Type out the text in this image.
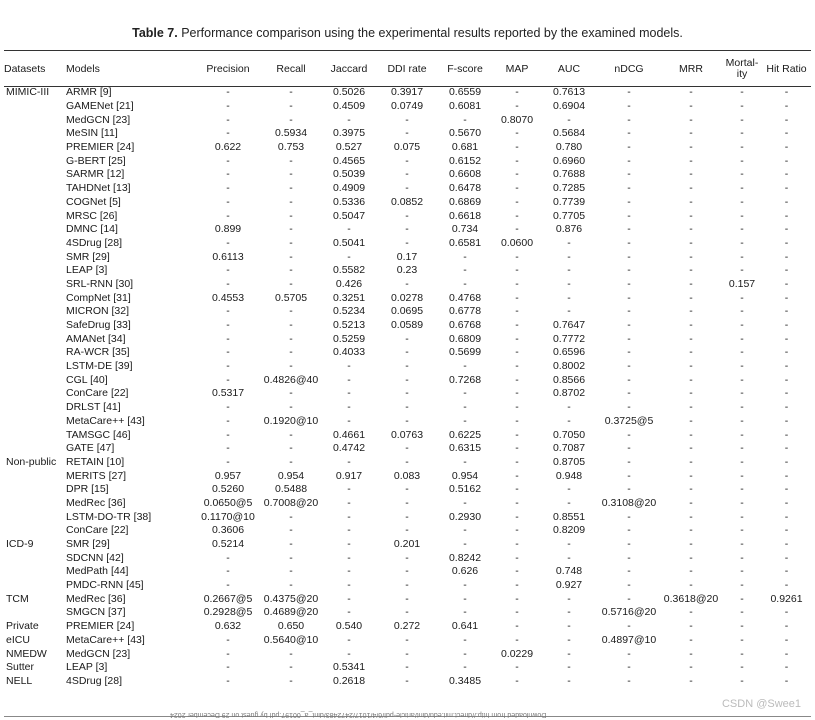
Table 7. Performance comparison using the experimental results reported by the examined models.
Datasets	Models	Precision	Recall	Jaccard	DDI rate	F-score	MAP	AUC	nDCG	MRR	Mortal-ity	Hit Ratio
MIMIC-III	ARMR [9]	-	-	0.5026	0.3917	0.6559	-	0.7613	-	-	-	-
	GAMENet [21]	-	-	0.4509	0.0749	0.6081	-	0.6904	-	-	-	-
	MedGCN [23]	-	-	-	-	-	0.8070	-	-	-	-	-
	MeSIN [11]	-	0.5934	0.3975	-	0.5670	-	0.5684	-	-	-	-
	PREMIER [24]	0.622	0.753	0.527	0.075	0.681	-	0.780	-	-	-	-
	G-BERT [25]	-	-	0.4565	-	0.6152	-	0.6960	-	-	-	-
	SARMR [12]	-	-	0.5039	-	0.6608	-	0.7688	-	-	-	-
	TAHDNet [13]	-	-	0.4909	-	0.6478	-	0.7285	-	-	-	-
	COGNet [5]	-	-	0.5336	0.0852	0.6869	-	0.7739	-	-	-	-
	MRSC [26]	-	-	0.5047	-	0.6618	-	0.7705	-	-	-	-
	DMNC [14]	0.899	-	-	-	0.734	-	0.876	-	-	-	-
	4SDrug [28]	-	-	0.5041	-	0.6581	0.0600	-	-	-	-	-
	SMR [29]	0.6113	-	-	0.17	-	-	-	-	-	-	-
	LEAP [3]	-	-	0.5582	0.23	-	-	-	-	-	-	-
	SRL-RNN [30]	-	-	0.426	-	-	-	-	-	-	0.157	-
	CompNet [31]	0.4553	0.5705	0.3251	0.0278	0.4768	-	-	-	-	-	-
	MICRON [32]	-	-	0.5234	0.0695	0.6778	-	-	-	-	-	-
	SafeDrug [33]	-	-	0.5213	0.0589	0.6768	-	0.7647	-	-	-	-
	AMANet [34]	-	-	0.5259	-	0.6809	-	0.7772	-	-	-	-
	RA-WCR [35]	-	-	0.4033	-	0.5699	-	0.6596	-	-	-	-
	LSTM-DE [39]	-	-	-	-	-	-	0.8002	-	-	-	-
	CGL [40]	-	0.4826@40	-	-	0.7268	-	0.8566	-	-	-	-
	ConCare [22]	0.5317	-	-	-	-	-	0.8702	-	-	-	-
	DRLST [41]	-	-	-	-	-	-	-	-	-	-	-
	MetaCare++ [43]	-	0.1920@10	-	-	-	-	-	0.3725@5	-	-	-
	TAMSGC [46]	-	-	0.4661	0.0763	0.6225	-	0.7050	-	-	-	-
	GATE [47]	-	-	0.4742	-	0.6315	-	0.7087	-	-	-	-
Non-public	RETAIN [10]	-	-	-	-	-	-	0.8705	-	-	-	-
	MERITS [27]	0.957	0.954	0.917	0.083	0.954	-	0.948	-	-	-	-
	DPR [15]	0.5260	0.5488	-	-	0.5162	-	-	-	-	-	-
	MedRec [36]	0.0650@5	0.7008@20	-	-	-	-	-	0.3108@20	-	-	-
	LSTM-DO-TR [38]	0.1170@10	-	-	-	0.2930	-	0.8551	-	-	-	-
	ConCare [22]	0.3606	-	-	-	-	-	0.8209	-	-	-	-
ICD-9	SMR [29]	0.5214	-	-	0.201	-	-	-	-	-	-	-
	SDCNN [42]	-	-	-	-	0.8242	-	-	-	-	-	-
	MedPath [44]	-	-	-	-	0.626	-	0.748	-	-	-	-
	PMDC-RNN [45]	-	-	-	-	-	-	0.927	-	-	-	-
TCM	MedRec [36]	0.2667@5	0.4375@20	-	-	-	-	-	-	0.3618@20	-	0.9261
	SMGCN [37]	0.2928@5	0.4689@20	-	-	-	-	-	0.5716@20	-	-	-
Private	PREMIER [24]	0.632	0.650	0.540	0.272	0.641	-	-	-	-	-	-
eICU	MetaCare++ [43]	-	0.5640@10	-	-	-	-	-	0.4897@10	-	-	-
NMEDW	MedGCN [23]	-	-	-	-	-	0.0229	-	-	-	-	-
Sutter	LEAP [3]	-	-	0.5341	-	-	-	-	-	-	-	-
NELL	4SDrug [28]	-	-	0.2618	-	0.3485	-	-	-	-	-	-
Downloaded from http://direct.mit.edu/dint/article-pdf/6/4/1017/2472483/dint_a_00197.pdf by guest on 29 December 2024
CSDN @Swee1
